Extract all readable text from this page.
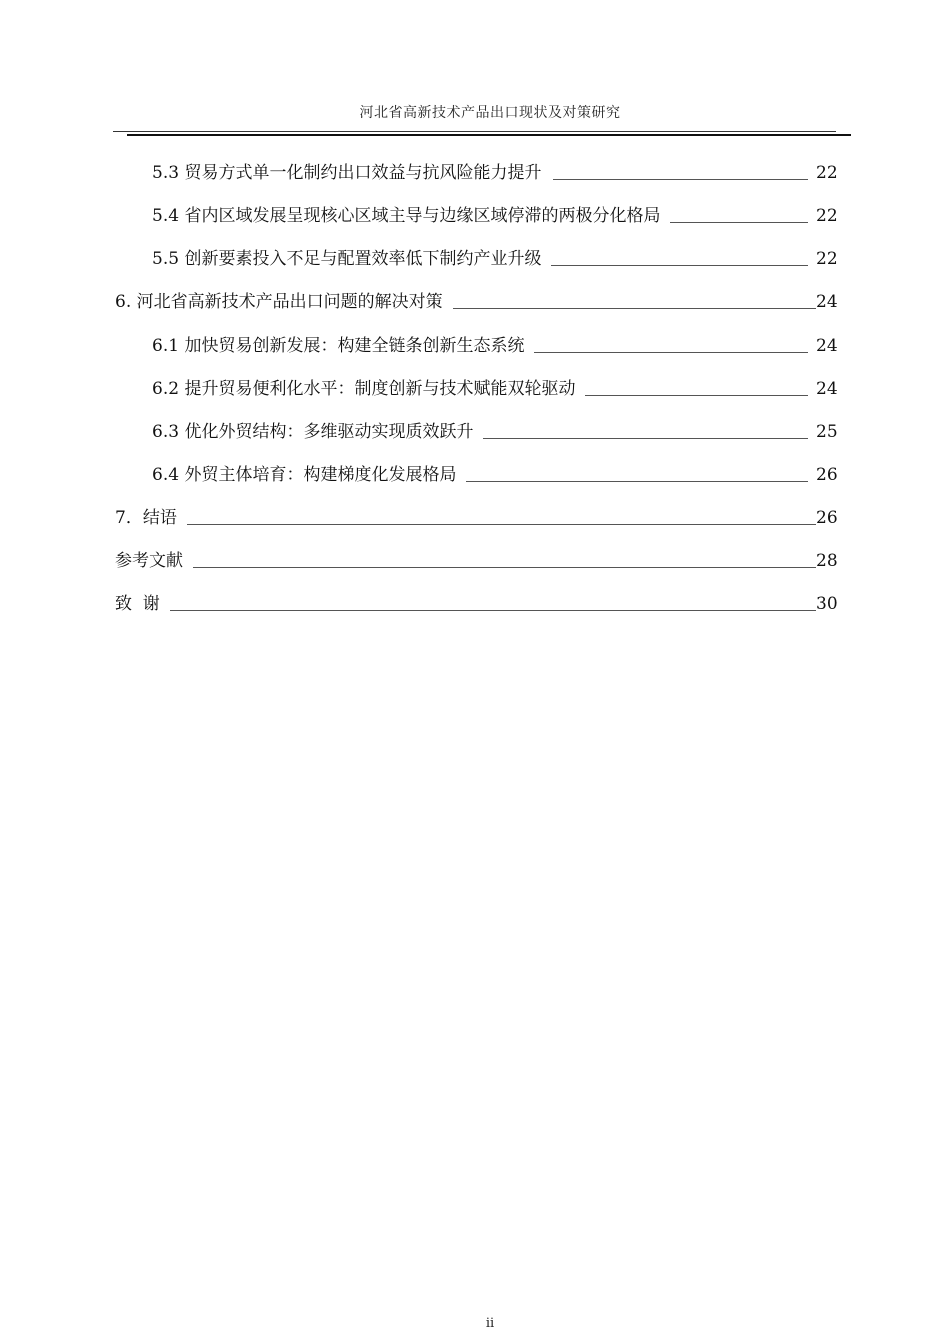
河北省高新技术产品出口现状及对策研究
5.3 贸易方式单一化制约出口效益与抗风险能力提升	22
5.4 省内区域发展呈现核心区域主导与边缘区域停滞的两极分化格局	22
5.5 创新要素投入不足与配置效率低下制约产业升级	22
6. 河北省高新技术产品出口问题的解决对策	24
6.1 加快贸易创新发展：构建全链条创新生态系统	24
6.2 提升贸易便利化水平：制度创新与技术赋能双轮驱动	24
6.3 优化外贸结构：多维驱动实现质效跃升	25
6.4 外贸主体培育：构建梯度化发展格局	26
7．结语	26
参考文献	28
致  谢	30
ii
